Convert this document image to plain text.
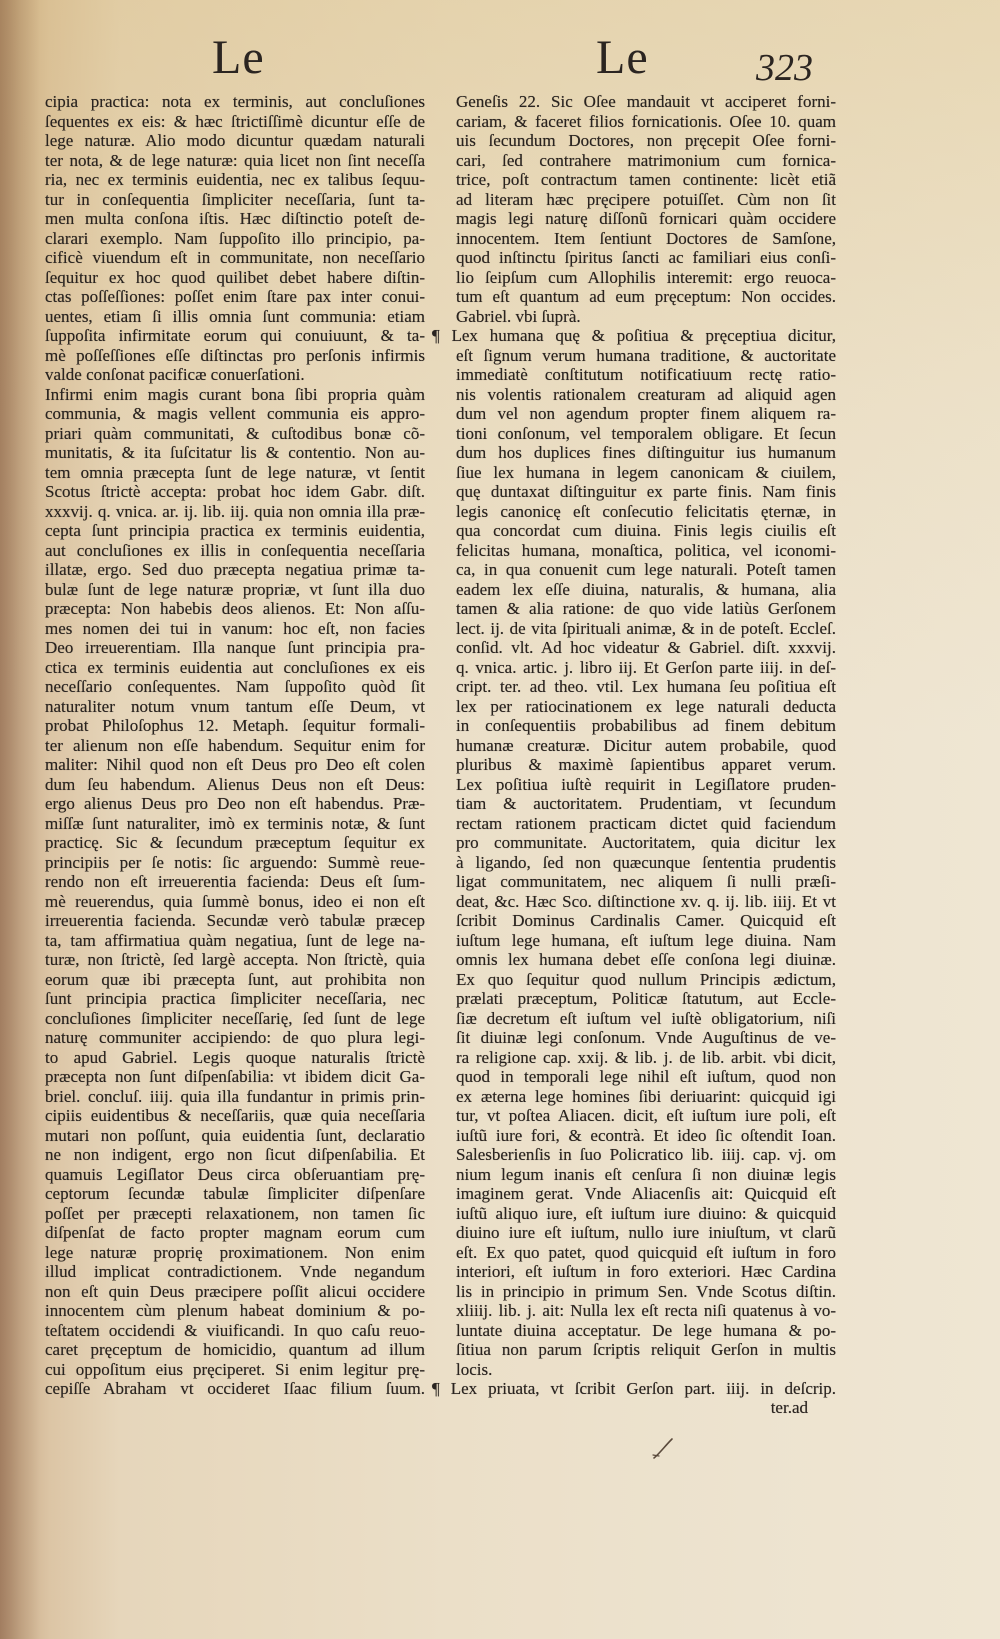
Le	Le	323
cipia practica: nota ex terminis, aut concluſiones
ſequentes ex eis: & hæc ſtrictiſſimè dicuntur eſſe de
lege naturæ. Alio modo dicuntur quædam naturali
ter nota, & de lege naturæ: quia licet non ſint neceſſa
ria, nec ex terminis euidentia, nec ex talibus ſequu-
tur in conſequentia ſimpliciter neceſſaria, ſunt ta-
men multa conſona iſtis. Hæc diſtinctio poteſt de-
clarari exemplo. Nam ſuppoſito illo principio, pa-
cificè viuendum eſt in communitate, non neceſſario
ſequitur ex hoc quod quilibet debet habere diſtin-
ctas poſſeſſiones: poſſet enim ſtare pax inter conui-
uentes, etiam ſi illis omnia ſunt communia: etiam
ſuppoſita infirmitate eorum qui conuiuunt, & ta-
mè poſſeſſiones eſſe diſtinctas pro perſonis infirmis
valde conſonat pacificæ conuerſationi.
Infirmi enim magis curant bona ſibi propria quàm
communia, & magis vellent communia eis appro-
priari quàm communitati, & cuſtodibus bonæ cõ-
munitatis, & ita ſuſcitatur lis & contentio. Non au-
tem omnia præcepta ſunt de lege naturæ, vt ſentit
Scotus ſtrictè accepta: probat hoc idem Gabr. diſt.
xxxvij. q. vnica. ar. ij. lib. iij. quia non omnia illa præ-
cepta ſunt principia practica ex terminis euidentia,
aut concluſiones ex illis in conſequentia neceſſaria
illatæ, ergo. Sed duo præcepta negatiua primæ ta-
bulæ ſunt de lege naturæ propriæ, vt ſunt illa duo
præcepta: Non habebis deos alienos. Et: Non aſſu-
mes nomen dei tui in vanum: hoc eſt, non facies
Deo irreuerentiam. Illa nanque ſunt principia pra-
ctica ex terminis euidentia aut concluſiones ex eis
neceſſario conſequentes. Nam ſuppoſito quòd ſit
naturaliter notum vnum tantum eſſe Deum, vt
probat Philoſophus 12. Metaph. ſequitur formali-
ter alienum non eſſe habendum. Sequitur enim for
maliter: Nihil quod non eſt Deus pro Deo eſt colen
dum ſeu habendum. Alienus Deus non eſt Deus:
ergo alienus Deus pro Deo non eſt habendus. Præ-
miſſæ ſunt naturaliter, imò ex terminis notæ, & ſunt
practicę. Sic & ſecundum præceptum ſequitur ex
principiis per ſe notis: ſic arguendo: Summè reue-
rendo non eſt irreuerentia facienda: Deus eſt ſum-
mè reuerendus, quia ſummè bonus, ideo ei non eſt
irreuerentia facienda. Secundæ verò tabulæ præcep
ta, tam affirmatiua quàm negatiua, ſunt de lege na-
turæ, non ſtrictè, ſed largè accepta. Non ſtrictè, quia
eorum quæ ibi præcepta ſunt, aut prohibita non
ſunt principia practica ſimpliciter neceſſaria, nec
concluſiones ſimpliciter neceſſarię, ſed ſunt de lege
naturę communiter accipiendo: de quo plura legi-
to apud Gabriel. Legis quoque naturalis ſtrictè
præcepta non ſunt diſpenſabilia: vt ibidem dicit Ga-
briel. concluſ. iiij. quia illa fundantur in primis prin-
cipiis euidentibus & neceſſariis, quæ quia neceſſaria
mutari non poſſunt, quia euidentia ſunt, declaratio
ne non indigent, ergo non ſicut diſpenſabilia. Et
quamuis Legiſlator Deus circa obſeruantiam prę-
ceptorum ſecundæ tabulæ ſimpliciter diſpenſare
poſſet per præcepti relaxationem, non tamen ſic
diſpenſat de facto propter magnam eorum cum
lege naturæ proprię proximationem. Non enim
illud implicat contradictionem. Vnde negandum
non eſt quin Deus præcipere poſſit alicui occidere
innocentem cùm plenum habeat dominium & po-
teſtatem occidendi & viuificandi. In quo caſu reuo-
caret pręceptum de homicidio, quantum ad illum
cui oppoſitum eius pręciperet. Si enim legitur prę-
cepiſſe Abraham vt occideret Iſaac filium ſuum.
Geneſis 22. Sic Oſee mandauit vt acciperet forni-
cariam, & faceret filios fornicationis. Oſee 10. quam
uis ſecundum Doctores, non pręcepit Oſee forni-
cari, ſed contrahere matrimonium cum fornica-
trice, poſt contractum tamen continente: licèt etiã
ad literam hæc pręcipere potuiſſet. Cùm non ſit
magis legi naturę diſſonũ fornicari quàm occidere
innocentem. Item ſentiunt Doctores de Samſone,
quod inſtinctu ſpiritus ſancti ac familiari eius conſi-
lio ſeipſum cum Allophilis interemit: ergo reuoca-
tum eſt quantum ad eum pręceptum: Non occides.
Gabriel. vbi ſuprà.
¶ Lex humana quę & poſitiua & pręceptiua dicitur,
eſt ſignum verum humana traditione, & auctoritate
immediatè conſtitutum notificatiuum rectę ratio-
nis volentis rationalem creaturam ad aliquid agen
dum vel non agendum propter finem aliquem ra-
tioni conſonum, vel temporalem obligare. Et ſecun
dum hos duplices fines diſtinguitur ius humanum
ſiue lex humana in legem canonicam & ciuilem,
quę duntaxat diſtinguitur ex parte finis. Nam finis
legis canonicę eſt conſecutio felicitatis ęternæ, in
qua concordat cum diuina. Finis legis ciuilis eſt
felicitas humana, monaſtica, politica, vel iconomi-
ca, in qua conuenit cum lege naturali. Poteſt tamen
eadem lex eſſe diuina, naturalis, & humana, alia
tamen & alia ratione: de quo vide latiùs Gerſonem
lect. ij. de vita ſpirituali animæ, & in de poteſt. Eccleſ.
conſid. vlt. Ad hoc videatur & Gabriel. diſt. xxxvij.
q. vnica. artic. j. libro iij. Et Gerſon parte iiij. in deſ-
cript. ter. ad theo. vtil. Lex humana ſeu poſitiua eſt
lex per ratiocinationem ex lege naturali deducta
in conſequentiis probabilibus ad finem debitum
humanæ creaturæ. Dicitur autem probabile, quod
pluribus & maximè ſapientibus apparet verum.
Lex poſitiua iuſtè requirit in Legiſlatore pruden-
tiam & auctoritatem. Prudentiam, vt ſecundum
rectam rationem practicam dictet quid faciendum
pro communitate. Auctoritatem, quia dicitur lex
à ligando, ſed non quæcunque ſententia prudentis
ligat communitatem, nec aliquem ſi nulli præſi-
deat, &c. Hæc Sco. diſtinctione xv. q. ij. lib. iiij. Et vt
ſcribit Dominus Cardinalis Camer. Quicquid eſt
iuſtum lege humana, eſt iuſtum lege diuina. Nam
omnis lex humana debet eſſe conſona legi diuinæ.
Ex quo ſequitur quod nullum Principis ædictum,
prælati præceptum, Politicæ ſtatutum, aut Eccle-
ſiæ decretum eſt iuſtum vel iuſtè obligatorium, niſi
ſit diuinæ legi conſonum. Vnde Auguſtinus de ve-
ra religione cap. xxij. & lib. j. de lib. arbit. vbi dicit,
quod in temporali lege nihil eſt iuſtum, quod non
ex æterna lege homines ſibi deriuarint: quicquid igi
tur, vt poſtea Aliacen. dicit, eſt iuſtum iure poli, eſt
iuſtũ iure fori, & econtrà. Et ideo ſic oſtendit Ioan.
Salesberienſis in ſuo Policratico lib. iiij. cap. vj. om
nium legum inanis eſt cenſura ſi non diuinæ legis
imaginem gerat. Vnde Aliacenſis ait: Quicquid eſt
iuſtũ aliquo iure, eſt iuſtum iure diuino: & quicquid
diuino iure eſt iuſtum, nullo iure iniuſtum, vt clarũ
eſt. Ex quo patet, quod quicquid eſt iuſtum in foro
interiori, eſt iuſtum in foro exteriori. Hæc Cardina
lis in principio in primum Sen. Vnde Scotus diſtin.
xliiij. lib. j. ait: Nulla lex eſt recta niſi quatenus à vo-
luntate diuina acceptatur. De lege humana & po-
ſitiua non parum ſcriptis reliquit Gerſon in multis
locis.
¶ Lex priuata, vt ſcribit Gerſon part. iiij. in deſcrip.
ter.ad
